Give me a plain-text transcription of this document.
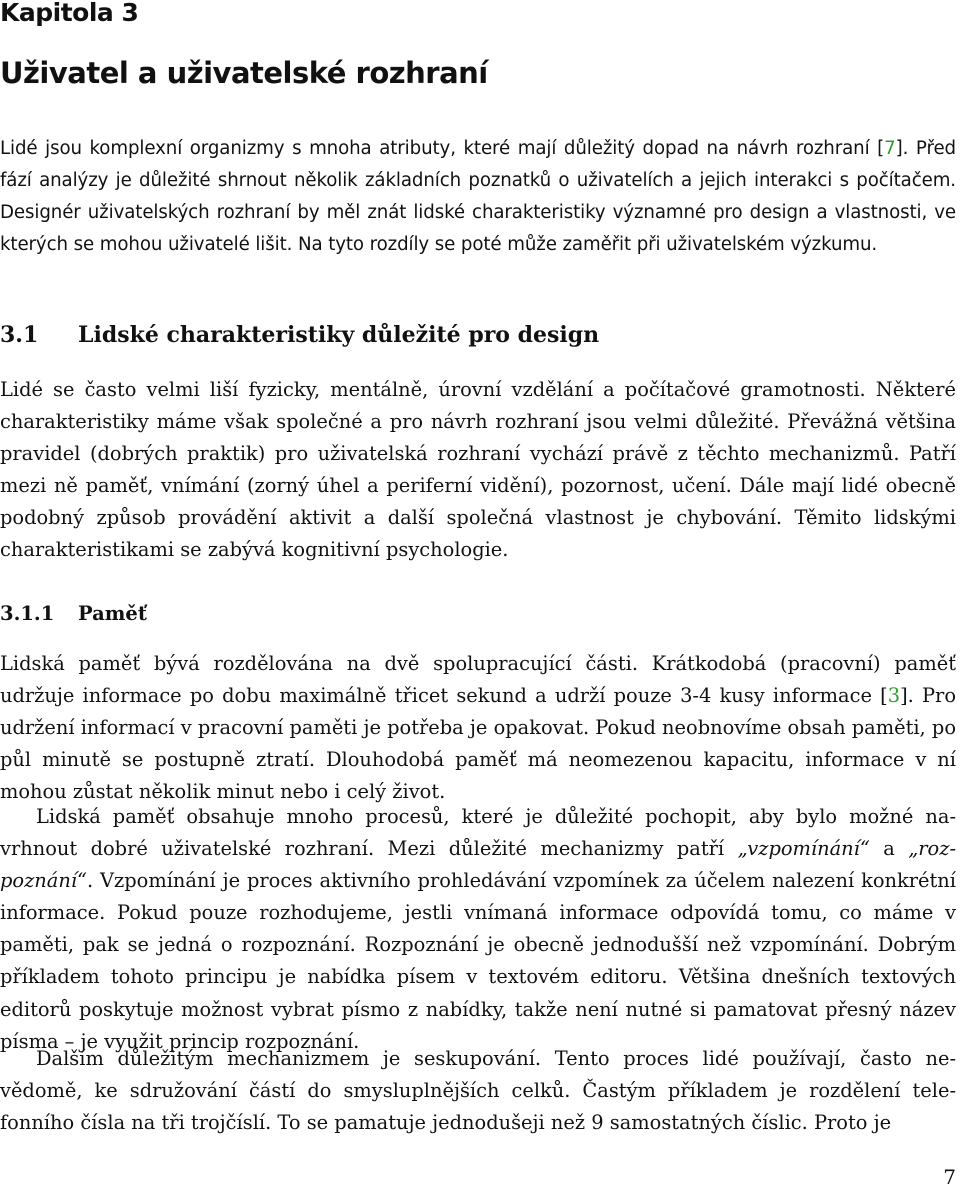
Kapitola 3
Uživatel a uživatelské rozhraní

Lidé jsou komplexní organizmy s mnoha atributy, které mají důležitý dopad na návrh rozhraní [7]. Před fází analýzy je důležité shrnout několik základních poznatků o uživatelích a jejich interakci s počítačem. Designér uživatelských rozhraní by měl znát lidské charakteristiky významné pro design a vlastnosti, ve kterých se mohou uživatelé lišit. Na tyto rozdíly se poté může zaměřit při uživatelském výzkumu.

3.1 Lidské charakteristiky důležité pro design

Lidé se často velmi liší fyzicky, mentálně, úrovní vzdělání a počítačové gramotnosti. Některé charakteristiky máme však společné a pro návrh rozhraní jsou velmi důležité. Převážná většina pravidel (dobrých praktik) pro uživatelská rozhraní vychází právě z těchto mechanizmů. Patří mezi ně paměť, vnímání (zorný úhel a periferní vidění), pozornost, učení. Dále mají lidé obecně podobný způsob provádění aktivit a další společná vlastnost je chybování. Těmito lidskými charakteristikami se zabývá kognitivní psychologie.

3.1.1 Paměť

Lidská paměť bývá rozdělována na dvě spolupracující části. Krátkodobá (pracovní) paměť udržuje informace po dobu maximálně třicet sekund a udrží pouze 3-4 kusy informace [3]. Pro udržení informací v pracovní paměti je potřeba je opakovat. Pokud neobnovíme obsah paměti, po půl minutě se postupně ztratí. Dlouhodobá paměť má neomezenou kapacitu, informace v ní mohou zůstat několik minut nebo i celý život.

Lidská paměť obsahuje mnoho procesů, které je důležité pochopit, aby bylo možné navrhnout dobré uživatelské rozhraní. Mezi důležité mechanizmy patří „vzpomínání“ a „rozpoznání“. Vzpomínání je proces aktivního prohledávání vzpomínek za účelem nalezení konkrétní informace. Pokud pouze rozhodujeme, jestli vnímaná informace odpovídá tomu, co máme v paměti, pak se jedná o rozpoznání. Rozpoznání je obecně jednodušší než vzpomínání. Dobrým příkladem tohoto principu je nabídka písem v textovém editoru. Většina dnešních textových editorů poskytuje možnost vybrat písmo z nabídky, takže není nutné si pamatovat přesný název písma – je využit princip rozpoznání.

Dalším důležitým mechanizmem je seskupování. Tento proces lidé používají, často nevědomě, ke sdružování částí do smysluplnějších celků. Častým příkladem je rozdělení telefonního čísla na tři trojčíslí. To se pamatuje jednodušeji než 9 samostatných číslic. Proto je

7
